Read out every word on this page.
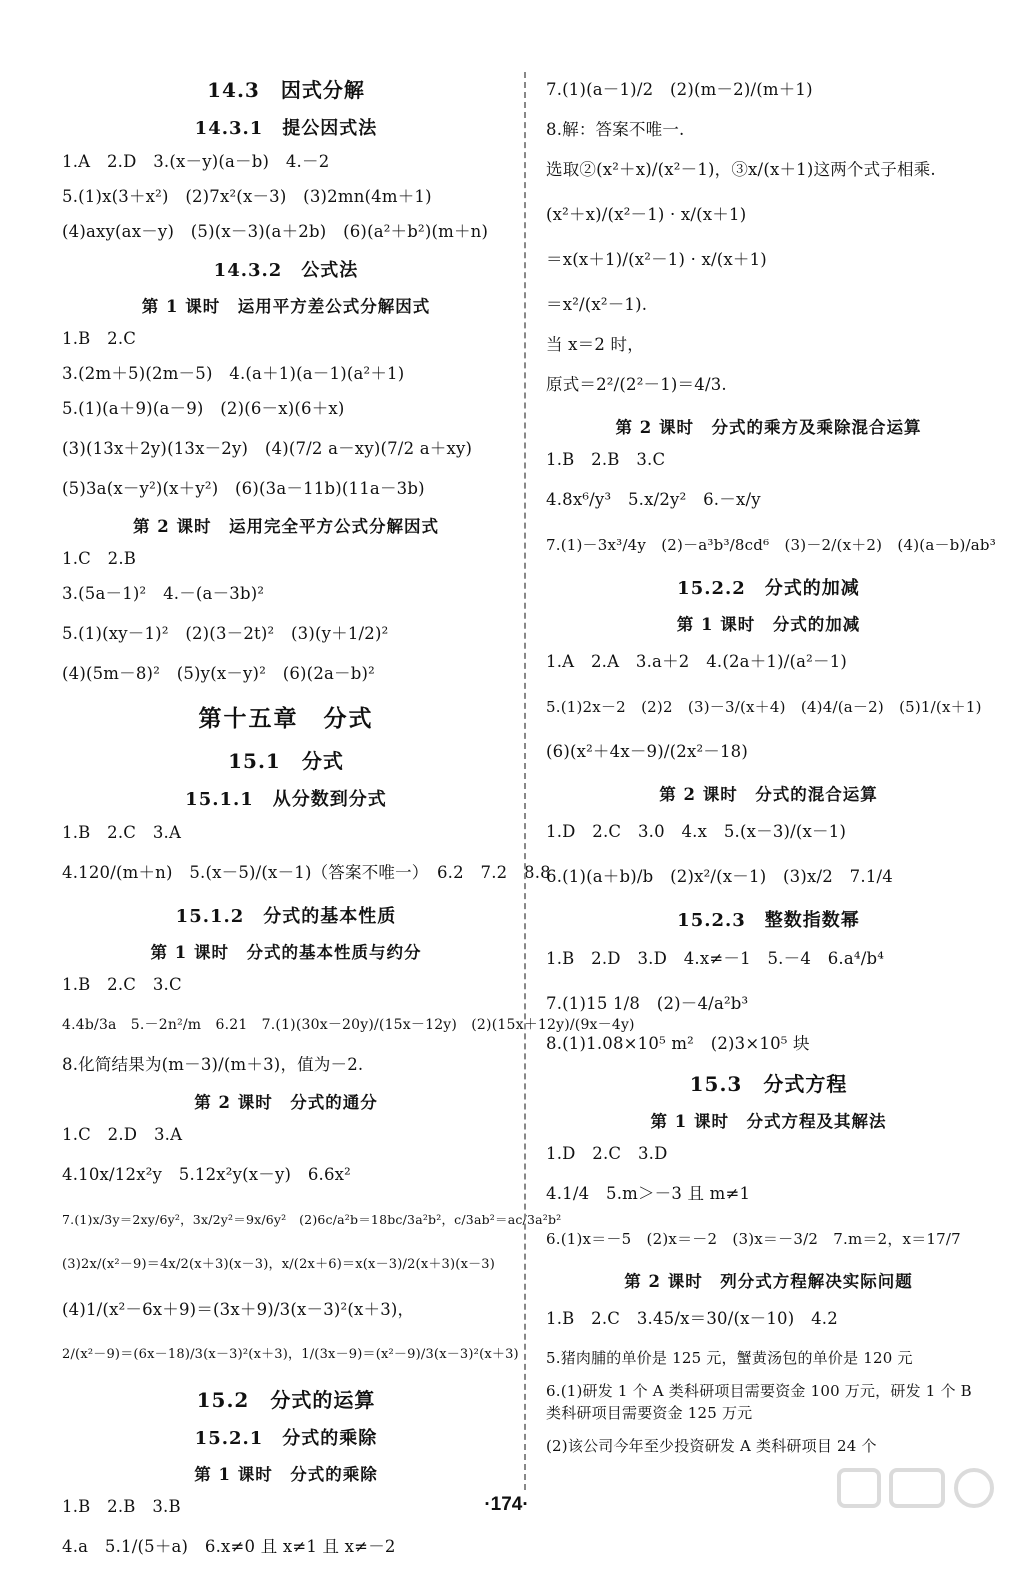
14.3　因式分解
14.3.1　提公因式法
1.A　2.D　3.(x－y)(a－b)　4.－2
5.(1)x(3＋x²)　(2)7x²(x－3)　(3)2mn(4m＋1)
(4)axy(ax－y)　(5)(x－3)(a＋2b)　(6)(a²＋b²)(m＋n)
14.3.2　公式法
第 1 课时　运用平方差公式分解因式
1.B　2.C
3.(2m＋5)(2m－5)　4.(a＋1)(a－1)(a²＋1)
5.(1)(a＋9)(a－9)　(2)(6－x)(6＋x)
(3)(13x＋2y)(13x－2y)　(4)(7/2 a－xy)(7/2 a＋xy)
(5)3a(x－y²)(x＋y²)　(6)(3a－11b)(11a－3b)
第 2 课时　运用完全平方公式分解因式
1.C　2.B
3.(5a－1)²　4.－(a－3b)²
5.(1)(xy－1)²　(2)(3－2t)²　(3)(y＋1/2)²
(4)(5m－8)²　(5)y(x－y)²　(6)(2a－b)²
第十五章　分式
15.1　分式
15.1.1　从分数到分式
1.B　2.C　3.A
4.120/(m＋n)　5.(x－5)/(x－1)（答案不唯一）　6.2　7.2　8.8
15.1.2　分式的基本性质
第 1 课时　分式的基本性质与约分
1.B　2.C　3.C
4.4b/3a　5.－2n²/m　6.21　7.(1)(30x－20y)/(15x－12y)　(2)(15x＋12y)/(9x－4y)
8.化简结果为(m－3)/(m＋3)，值为－2.
第 2 课时　分式的通分
1.C　2.D　3.A
4.10x/12x²y　5.12x²y(x－y)　6.6x²
7.(1)x/3y＝2xy/6y²，3x/2y²＝9x/6y²　(2)6c/a²b＝18bc/3a²b²，c/3ab²＝ac/3a²b²
(3)2x/(x²－9)＝4x/2(x＋3)(x－3)，x/(2x＋6)＝x(x－3)/2(x＋3)(x－3)
(4)1/(x²－6x＋9)＝(3x＋9)/3(x－3)²(x＋3)，
2/(x²－9)＝(6x－18)/3(x－3)²(x＋3)，1/(3x－9)＝(x²－9)/3(x－3)²(x＋3)
15.2　分式的运算
15.2.1　分式的乘除
第 1 课时　分式的乘除
1.B　2.B　3.B
4.a　5.1/(5＋a)　6.x≠0 且 x≠1 且 x≠－2
7.(1)(a－1)/2　(2)(m－2)/(m＋1)
8.解：答案不唯一.
选取②(x²＋x)/(x²－1)，③x/(x＋1)这两个式子相乘.
(x²＋x)/(x²－1) · x/(x＋1)
＝x(x＋1)/(x²－1) · x/(x＋1)
＝x²/(x²－1).
当 x＝2 时，
原式＝2²/(2²－1)＝4/3.
第 2 课时　分式的乘方及乘除混合运算
1.B　2.B　3.C
4.8x⁶/y³　5.x/2y²　6.－x/y
7.(1)－3x³/4y　(2)－a³b³/8cd⁶　(3)－2/(x＋2)　(4)(a－b)/ab³
15.2.2　分式的加减
第 1 课时　分式的加减
1.A　2.A　3.a＋2　4.(2a＋1)/(a²－1)
5.(1)2x－2　(2)2　(3)－3/(x＋4)　(4)4/(a－2)　(5)1/(x＋1)
(6)(x²＋4x－9)/(2x²－18)
第 2 课时　分式的混合运算
1.D　2.C　3.0　4.x　5.(x－3)/(x－1)
6.(1)(a＋b)/b　(2)x²/(x－1)　(3)x/2　7.1/4
15.2.3　整数指数幂
1.B　2.D　3.D　4.x≠－1　5.－4　6.a⁴/b⁴
7.(1)15 1/8　(2)－4/a²b³
8.(1)1.08×10⁵ m²　(2)3×10⁵ 块
15.3　分式方程
第 1 课时　分式方程及其解法
1.D　2.C　3.D
4.1/4　5.m＞－3 且 m≠1
6.(1)x＝－5　(2)x＝－2　(3)x＝－3/2　7.m＝2，x＝17/7
第 2 课时　列分式方程解决实际问题
1.B　2.C　3.45/x＝30/(x－10)　4.2
5.猪肉脯的单价是 125 元，蟹黄汤包的单价是 120 元
6.(1)研发 1 个 A 类科研项目需要资金 100 万元，研发 1 个 B 类科研项目需要资金 125 万元
(2)该公司今年至少投资研发 A 类科研项目 24 个
·174·
